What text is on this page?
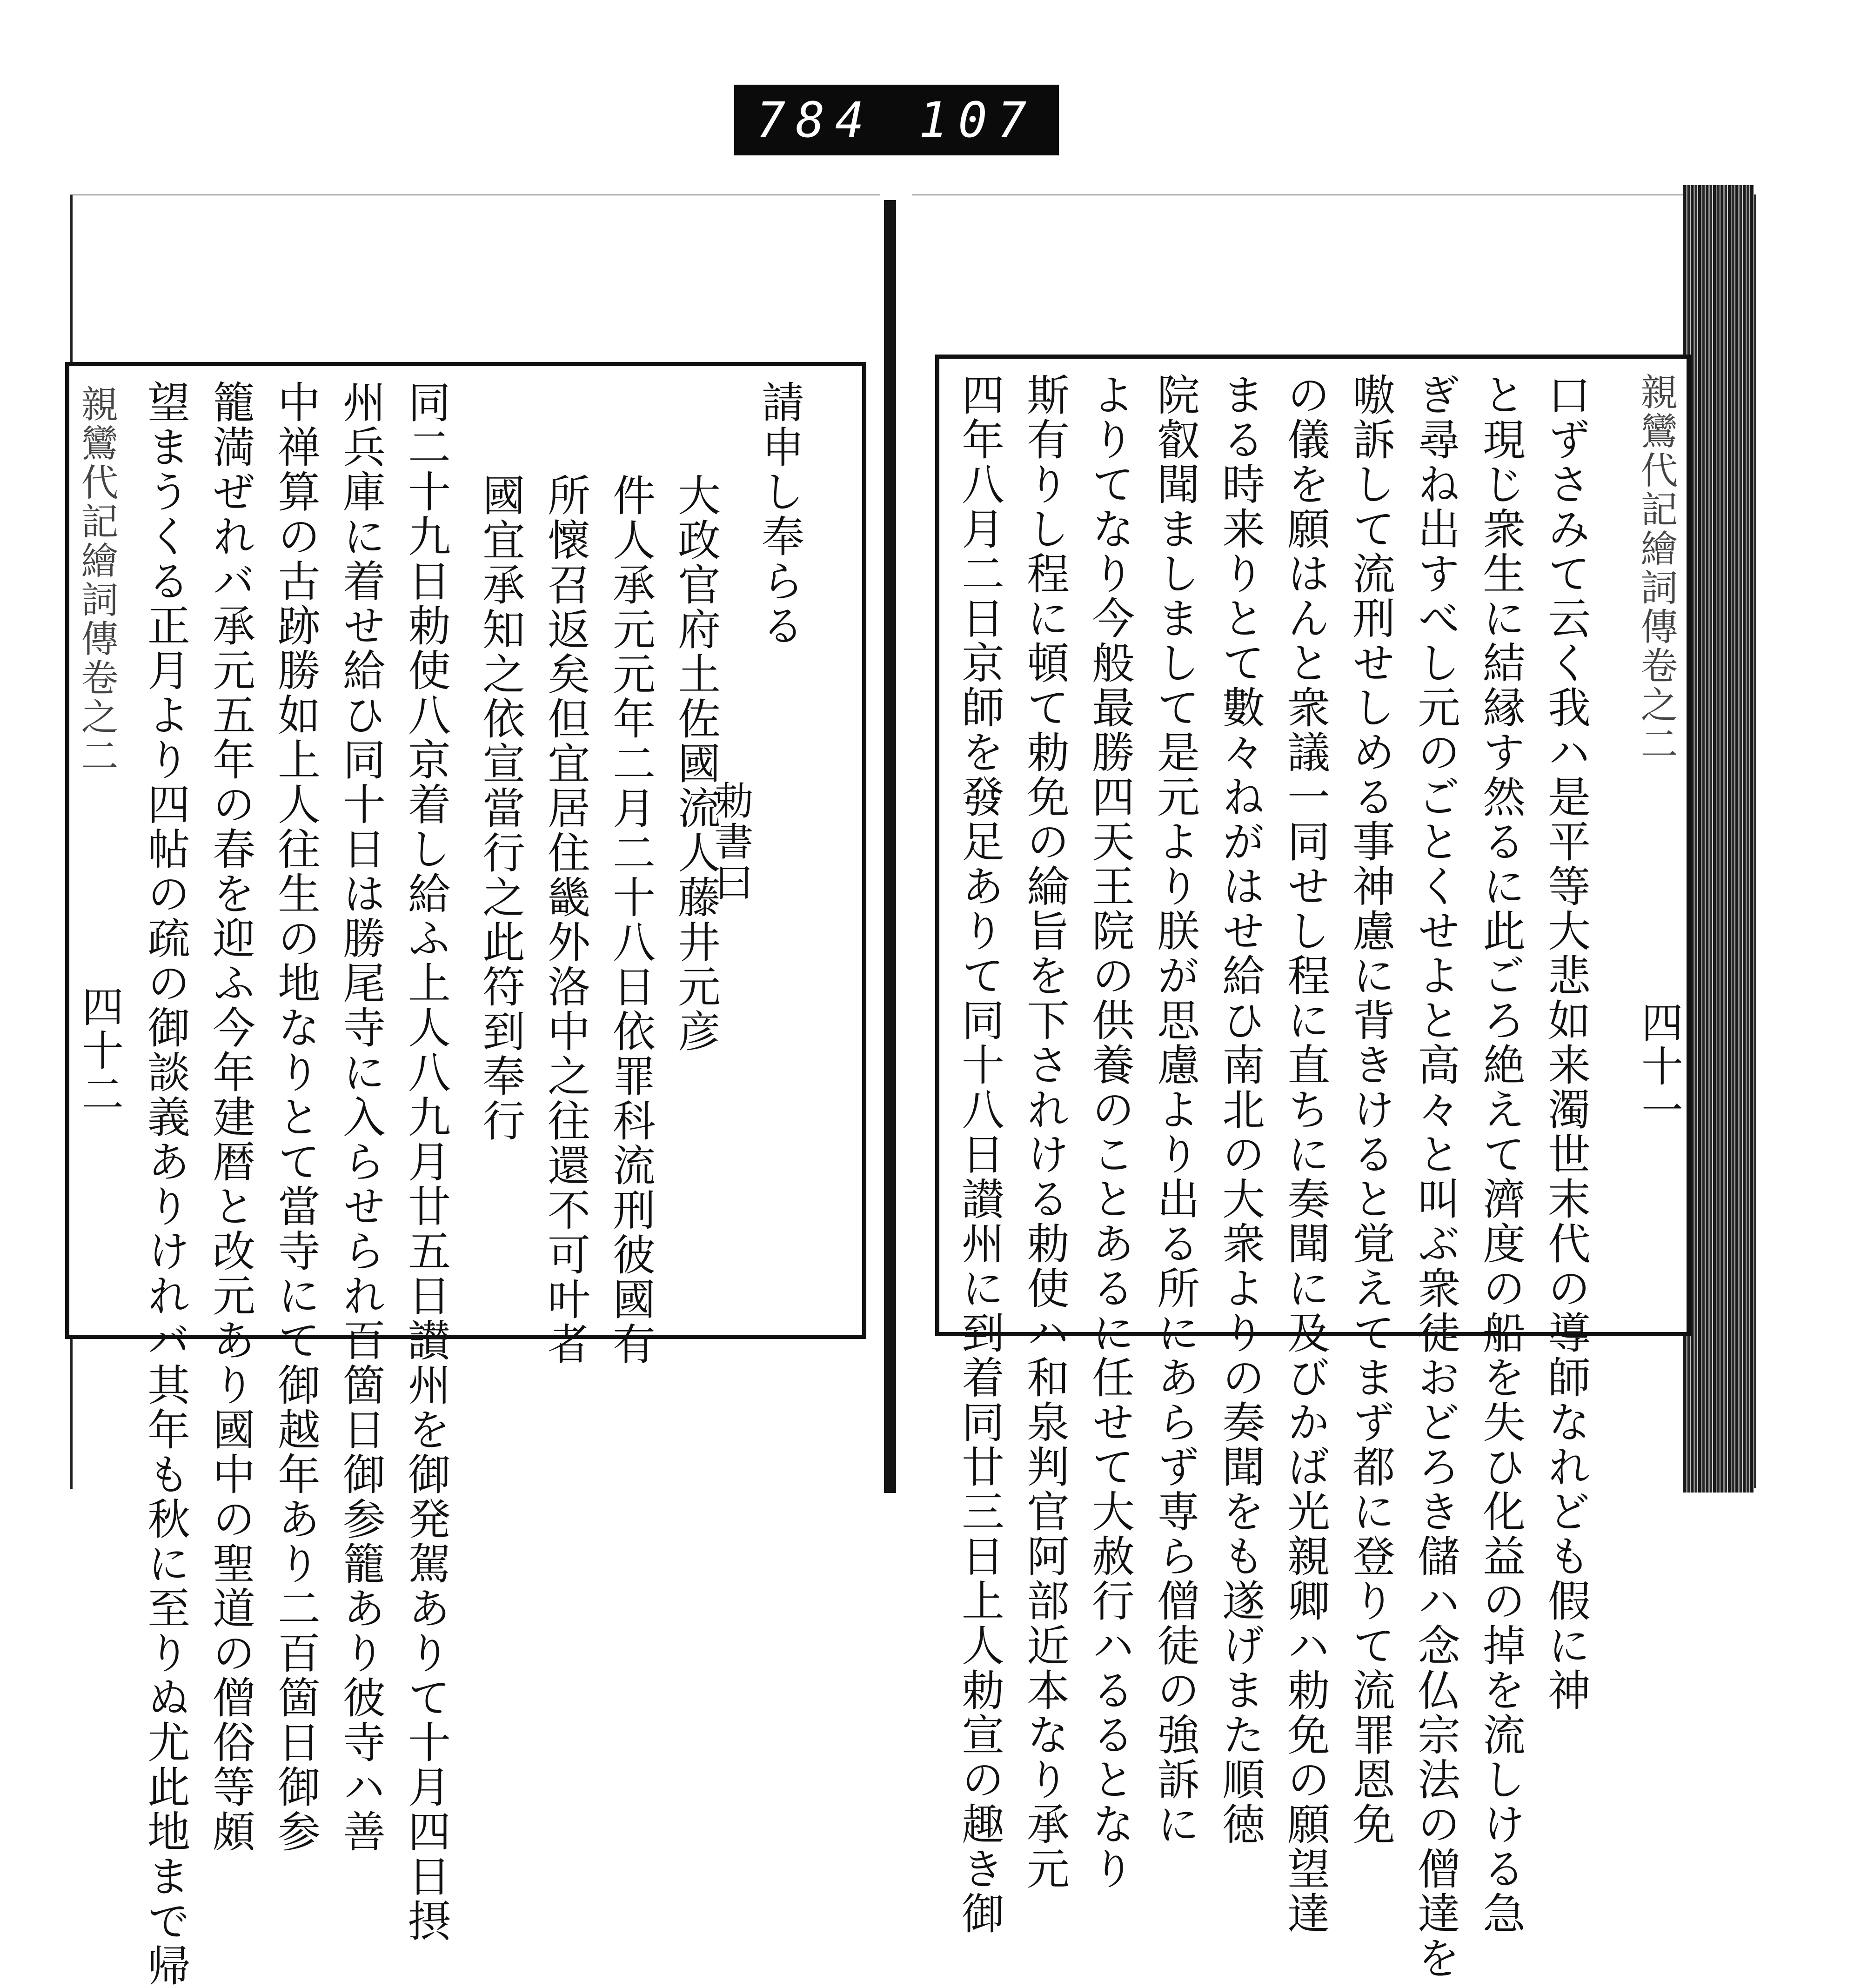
784 107
親鸞代記繪詞傳卷之二
四十二 望まうくる正月より四帖の疏の御談義ありけれバ其年も秋に至りぬ尤此地まで帰 籠満ぜれバ承元五年の春を迎ふ今年建暦と改元あり國中の聖道の僧俗等頗 中禅算の古跡勝如上人往生の地なりとて當寺にて御越年あり二百箇日御参 州兵庫に着せ給ひ同十日は勝尾寺に入らせられ百箇日御参籠あり彼寺ハ善 同二十九日勅使八京着し給ふ上人八九月廿五日讃州を御発駕ありて十月四日摂 國宜承知之依宣當行之此符到奉行 所懷召返矣但宜居住畿外洛中之往還不可叶者 件人承元元年二月二十八日依罪科流刑彼國有 大政官府土佐國流人藤井元彦
勅書曰
請申し奉らる	四年八月二日京師を發足ありて同十八日讃州に到着同廿三日上人勅宣の趣き御 斯有りし程に頓て勅免の綸旨を下されける勅使ハ和泉判官阿部近本なり承元 よりてなり今般最勝四天王院の供養のことあるに任せて大赦行ハるるとなり 院叡聞ましまして是元より朕が思慮より出る所にあらず専ら僧徒の強訴に まる時来りとて數々ねがはせ給ひ南北の大衆よりの奏聞をも遂げまた順徳 の儀を願はんと衆議一同せし程に直ちに奏聞に及びかば光親卿ハ勅免の願望達 嗷訴して流刑せしめる事神慮に背きけると覚えてまず都に登りて流罪恩免 ぎ尋ね出すべし元のごとくせよと高々と叫ぶ衆徒おどろき儲ハ念仏宗法の僧達を と現じ衆生に結縁す然るに此ごろ絶えて濟度の船を失ひ化益の掉を流しける急 口ずさみて云く我ハ是平等大悲如来濁世末代の導師なれども假に神 親鸞代記繪詞傳卷之二
四十一
